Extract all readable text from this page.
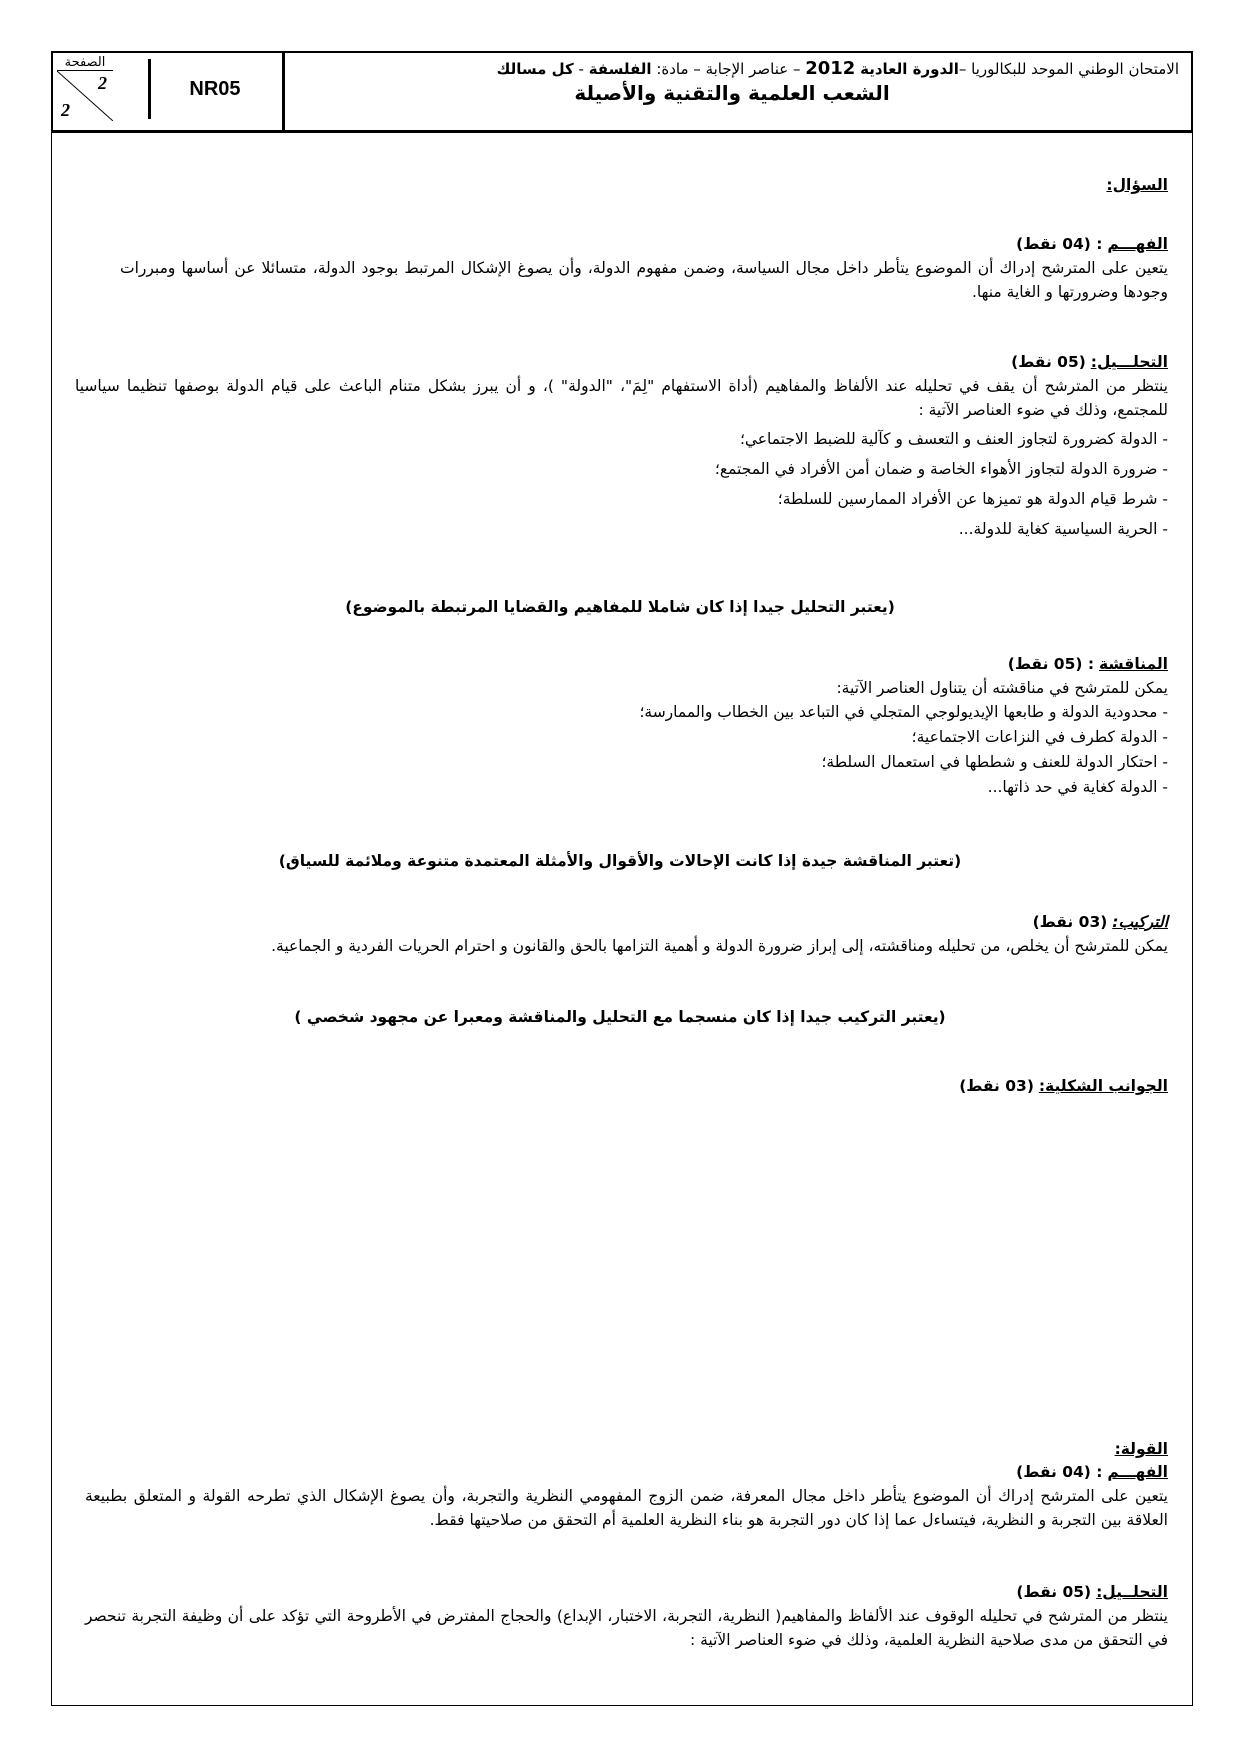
الصفحة
2
2
NR05
الامتحان الوطني الموحد للبكالوريا –الدورة العادية 2012 – عناصر الإجابة – مادة: الفلسفة - كل مسالك
الشعب العلمية والتقنية والأصيلة
السؤال:
الفهـــم : (04 نقط)
يتعين على المترشح إدراك أن الموضوع يتأطر داخل مجال السياسة، وضمن مفهوم الدولة، وأن يصوغ الإشكال المرتبط بوجود الدولة، متسائلا عن أساسها ومبررات وجودها وضرورتها و الغاية منها.
التحلـــيل: (05 نقط)
ينتظر من المترشح أن يقف في تحليله عند الألفاظ والمفاهيم (أداة الاستفهام "لِمَ"، "الدولة" )، و أن يبرز بشكل متنام الباعث على قيام الدولة بوصفها تنظيما سياسيا للمجتمع، وذلك في ضوء العناصر الآتية :
- الدولة كضرورة لتجاوز العنف و التعسف و كآلية للضبط الاجتماعي؛
- ضرورة الدولة لتجاوز الأهواء الخاصة و ضمان أمن الأفراد في المجتمع؛
- شرط قيام الدولة هو تميزها عن الأفراد الممارسين للسلطة؛
- الحرية السياسية كغاية للدولة...
(يعتبر التحليل جيدا إذا كان شاملا للمفاهيم والقضايا المرتبطة بالموضوع)
المناقشة : (05 نقط)
يمكن للمترشح في مناقشته أن يتناول العناصر الآتية:
- محدودية الدولة و طابعها الإيديولوجي المتجلي في التباعد بين الخطاب والممارسة؛
- الدولة كطرف في النزاعات الاجتماعية؛
- احتكار الدولة للعنف و شططها في استعمال السلطة؛
- الدولة كغاية في حد ذاتها...
(تعتبر المناقشة جيدة إذا كانت الإحالات والأقوال والأمثلة المعتمدة متنوعة وملائمة للسياق)
التركيب: (03 نقط)
يمكن للمترشح أن يخلص، من تحليله ومناقشته، إلى إبراز ضرورة الدولة و أهمية التزامها بالحق والقانون و احترام الحريات الفردية و الجماعية.
(يعتبر التركيب جيدا إذا كان منسجما مع التحليل والمناقشة ومعبرا عن مجهود شخصي )
الجوانب الشكلية: (03 نقط)
القولة:
الفهـــم : (04 نقط)
يتعين على المترشح إدراك أن الموضوع يتأطر داخل مجال المعرفة، ضمن الزوج المفهومي النظرية والتجربة، وأن يصوغ الإشكال الذي تطرحه القولة و المتعلق بطبيعة العلاقة بين التجربة و النظرية، فيتساءل عما إذا كان دور التجربة هو بناء النظرية العلمية أم التحقق من صلاحيتها فقط.
التحلــيل: (05 نقط)
ينتظر من المترشح في تحليله الوقوف عند الألفاظ والمفاهيم( النظرية، التجربة، الاختبار، الإبداع) والحجاج المفترض في الأطروحة التي تؤكد على أن وظيفة التجربة تنحصر في التحقق من مدى صلاحية النظرية العلمية، وذلك في ضوء العناصر الآتية :
